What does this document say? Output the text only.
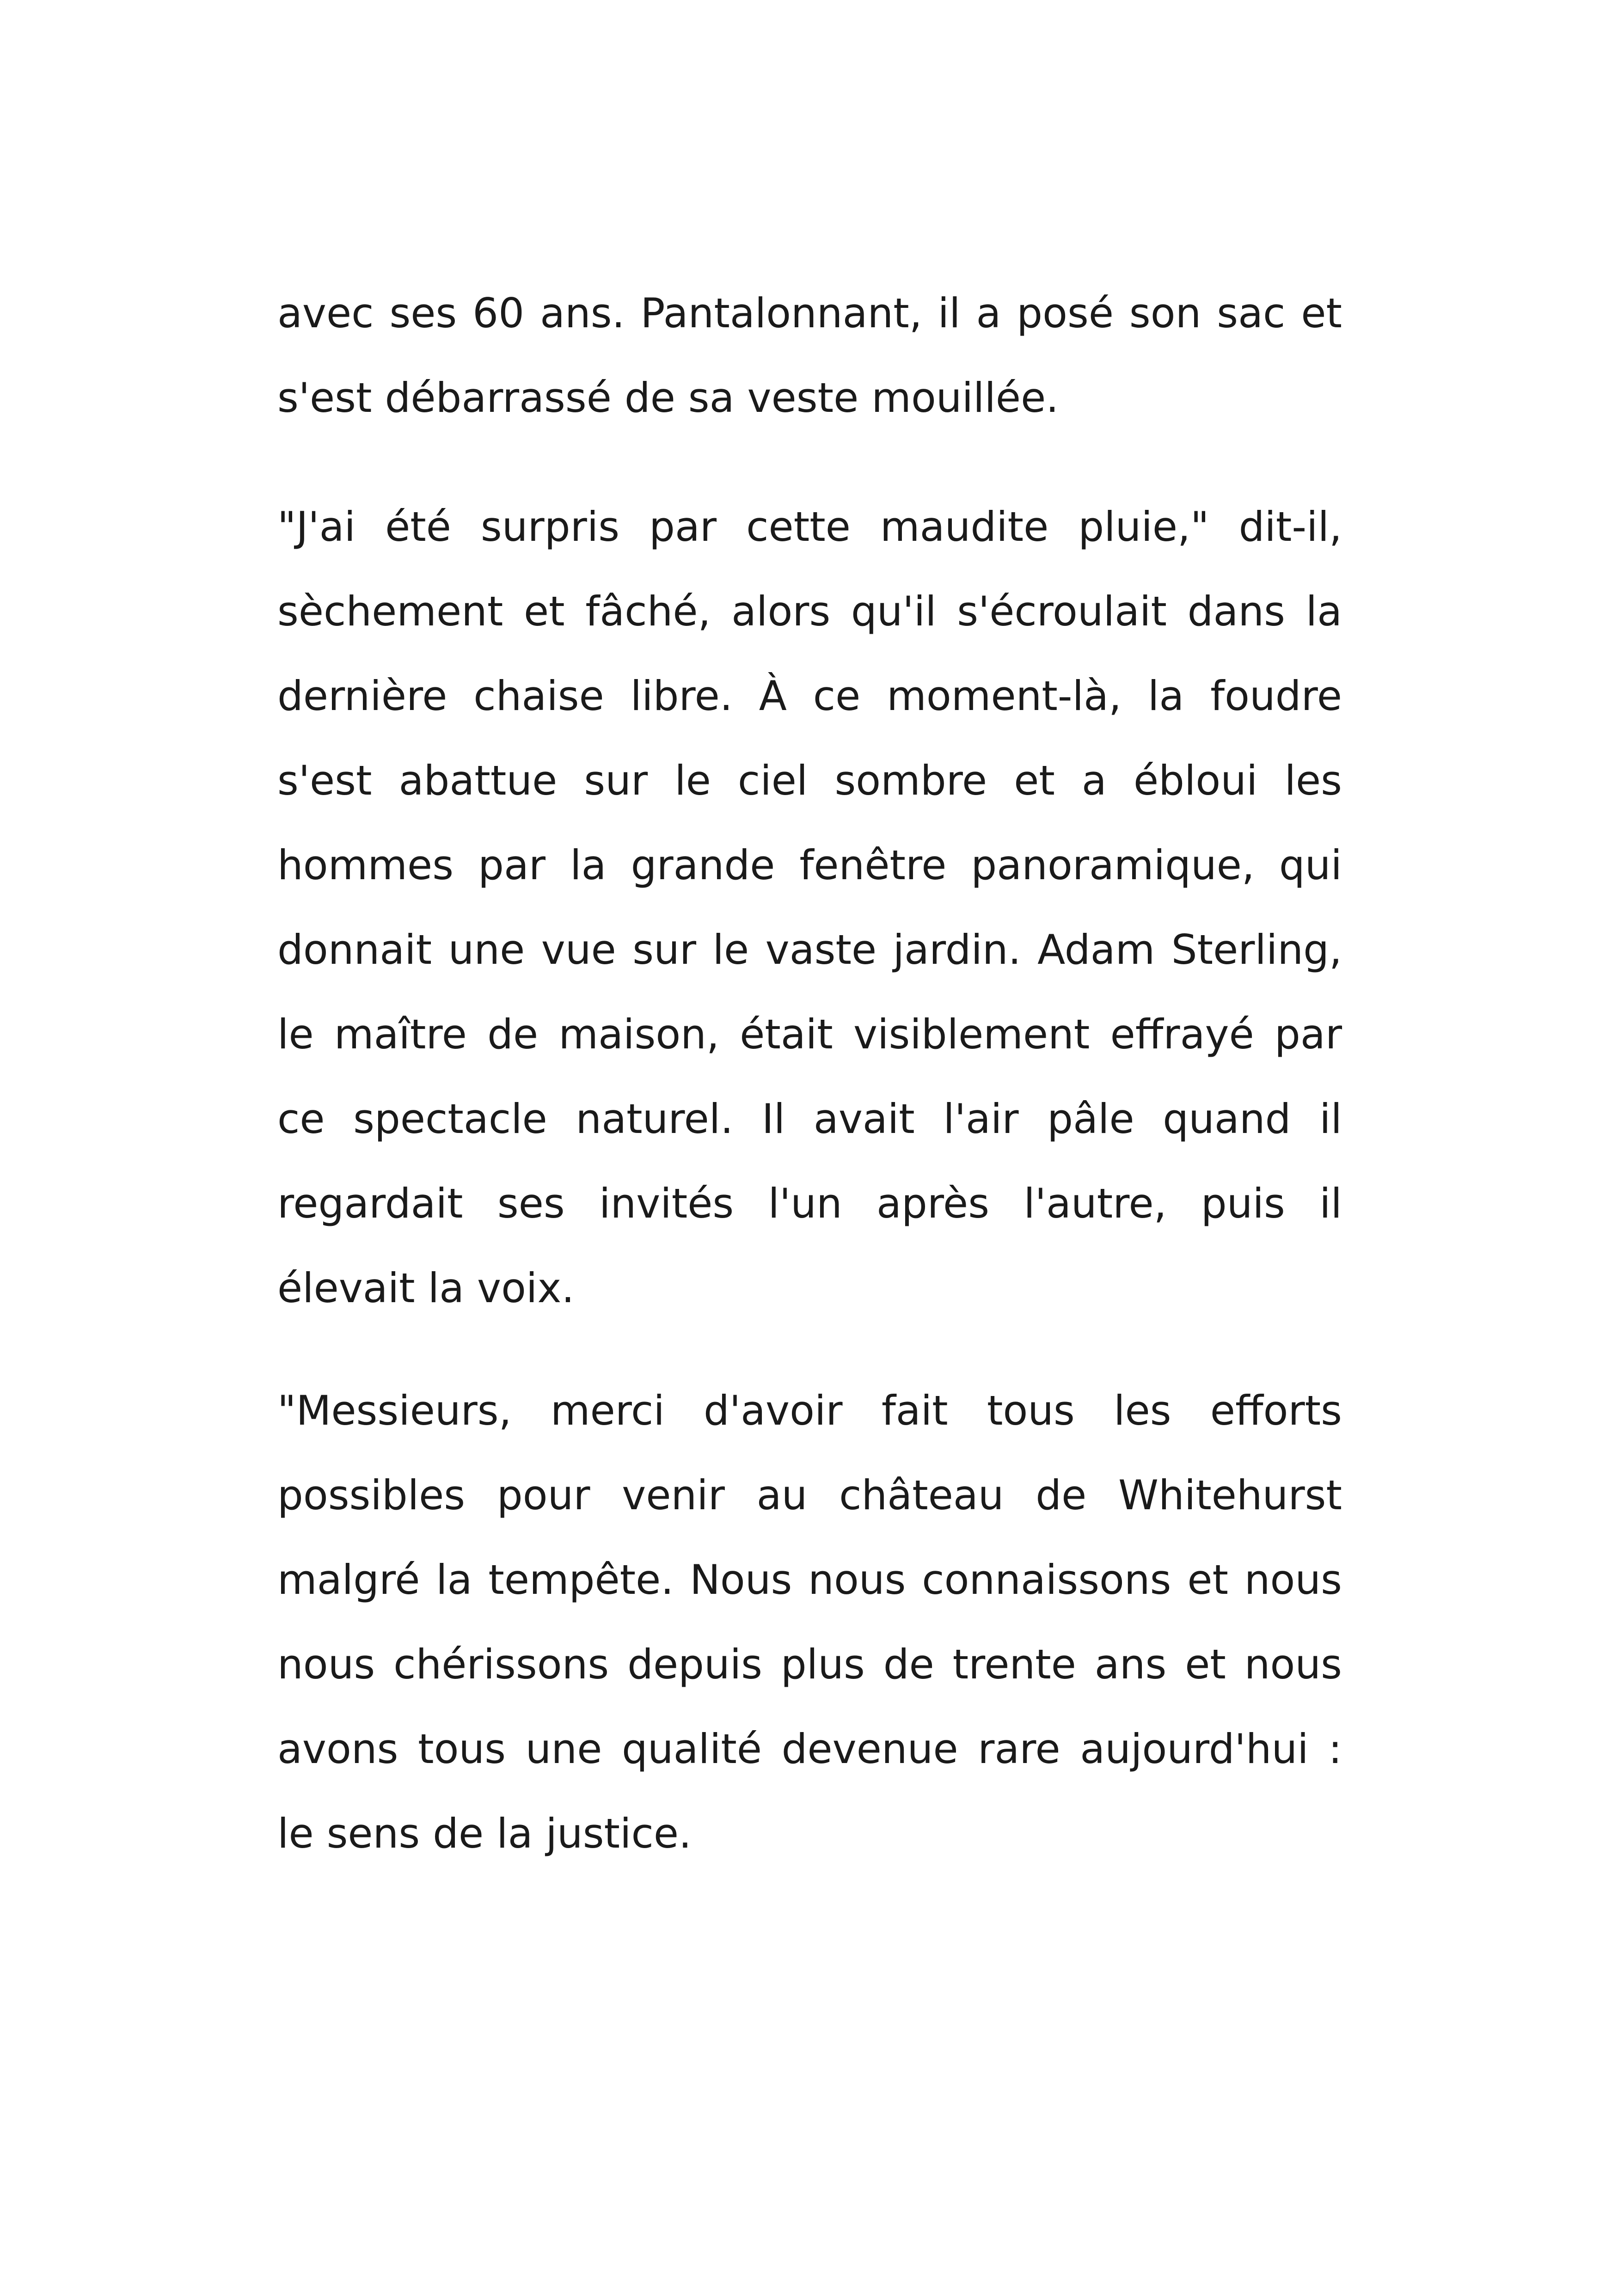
avec ses 60 ans. Pantalonnant, il a posé son sac et s'est débarrassé de sa veste mouillée.

"J'ai été surpris par cette maudite pluie," dit-il, sèchement et fâché, alors qu'il s'écroulait dans la dernière chaise libre. À ce moment-là, la foudre s'est abattue sur le ciel sombre et a ébloui les hommes par la grande fenêtre panoramique, qui donnait une vue sur le vaste jardin. Adam Sterling, le maître de maison, était visiblement effrayé par ce spectacle naturel. Il avait l'air pâle quand il regardait ses invités l'un après l'autre, puis il élevait la voix.

"Messieurs, merci d'avoir fait tous les efforts possibles pour venir au château de Whitehurst malgré la tempête. Nous nous connaissons et nous nous chérissons depuis plus de trente ans et nous avons tous une qualité devenue rare aujourd'hui : le sens de la justice.
